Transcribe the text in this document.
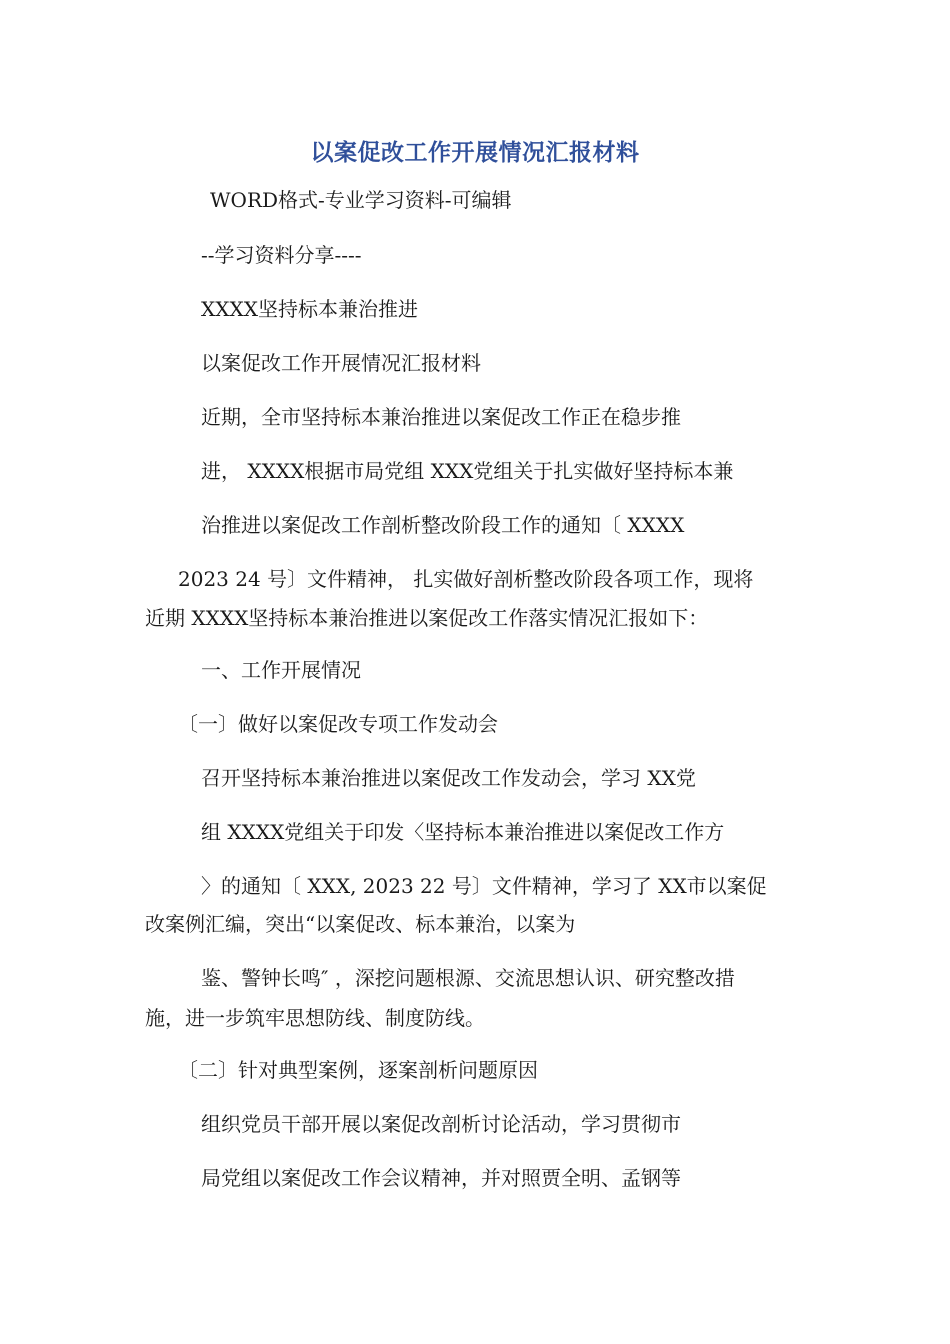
以案促改工作开展情况汇报材料
WORD格式-专业学习资料-可编辑
--学习资料分享----
XXXX坚持标本兼治推进
以案促改工作开展情况汇报材料
近期，全市坚持标本兼治推进以案促改工作正在稳步推
进， XXXX根据市局党组 XXX党组关于扎实做好坚持标本兼
治推进以案促改工作剖析整改阶段工作的通知〔 XXXX
2023 24 号〕文件精神， 扎实做好剖析整改阶段各项工作，现将
近期 XXXX坚持标本兼治推进以案促改工作落实情况汇报如下：
一、工作开展情况
〔一〕做好以案促改专项工作发动会
召开坚持标本兼治推进以案促改工作发动会，学习 XX党
组 XXXX党组关于印发〈坚持标本兼治推进以案促改工作方
〉的通知〔 XXX, 2023 22 号〕文件精神，学习了 XX市以案促
改案例汇编，突出“以案促改、标本兼治，以案为
鉴、警钟长鸣″ ，深挖问题根源、交流思想认识、研究整改措
施，进一步筑牢思想防线、制度防线。
〔二〕针对典型案例，逐案剖析问题原因
组织党员干部开展以案促改剖析讨论活动，学习贯彻市
局党组以案促改工作会议精神，并对照贾全明、孟钢等
